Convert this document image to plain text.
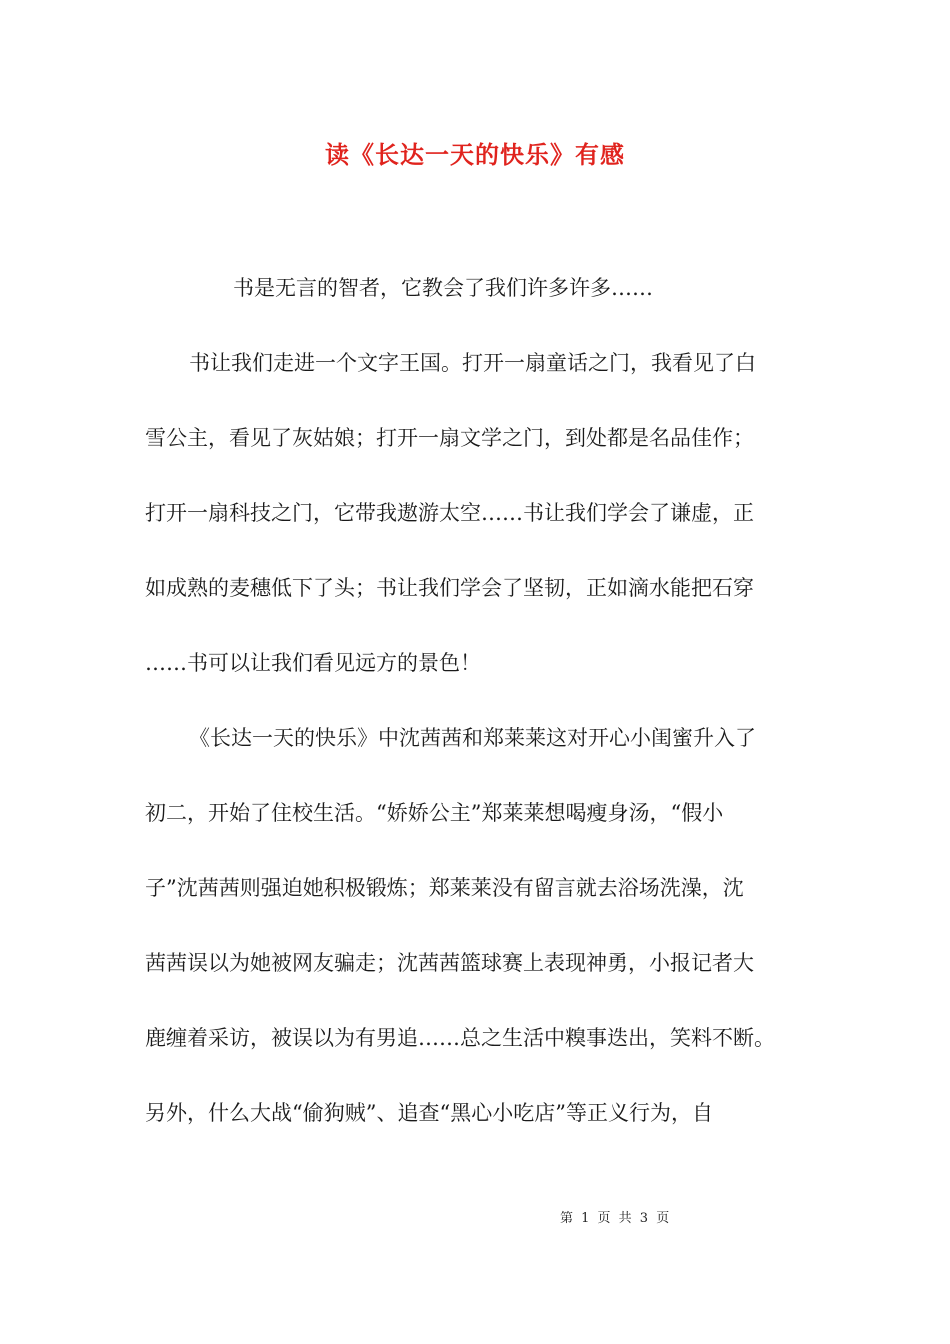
读《长达一天的快乐》有感
书是无言的智者，它教会了我们许多许多……
书让我们走进一个文字王国。打开一扇童话之门，我看见了白
雪公主，看见了灰姑娘；打开一扇文学之门，到处都是名品佳作；
打开一扇科技之门，它带我遨游太空……书让我们学会了谦虚，正
如成熟的麦穗低下了头；书让我们学会了坚韧，正如滴水能把石穿
……书可以让我们看见远方的景色！
《长达一天的快乐》中沈茜茜和郑莱莱这对开心小闺蜜升入了
初二，开始了住校生活。“娇娇公主”郑莱莱想喝瘦身汤，“假小
子”沈茜茜则强迫她积极锻炼；郑莱莱没有留言就去浴场洗澡，沈
茜茜误以为她被网友骗走；沈茜茜篮球赛上表现神勇，小报记者大
鹿缠着采访，被误以为有男追……总之生活中糗事迭出，笑料不断。
另外，什么大战“偷狗贼”、追查“黑心小吃店”等正义行为，自
第 1 页 共 3 页
